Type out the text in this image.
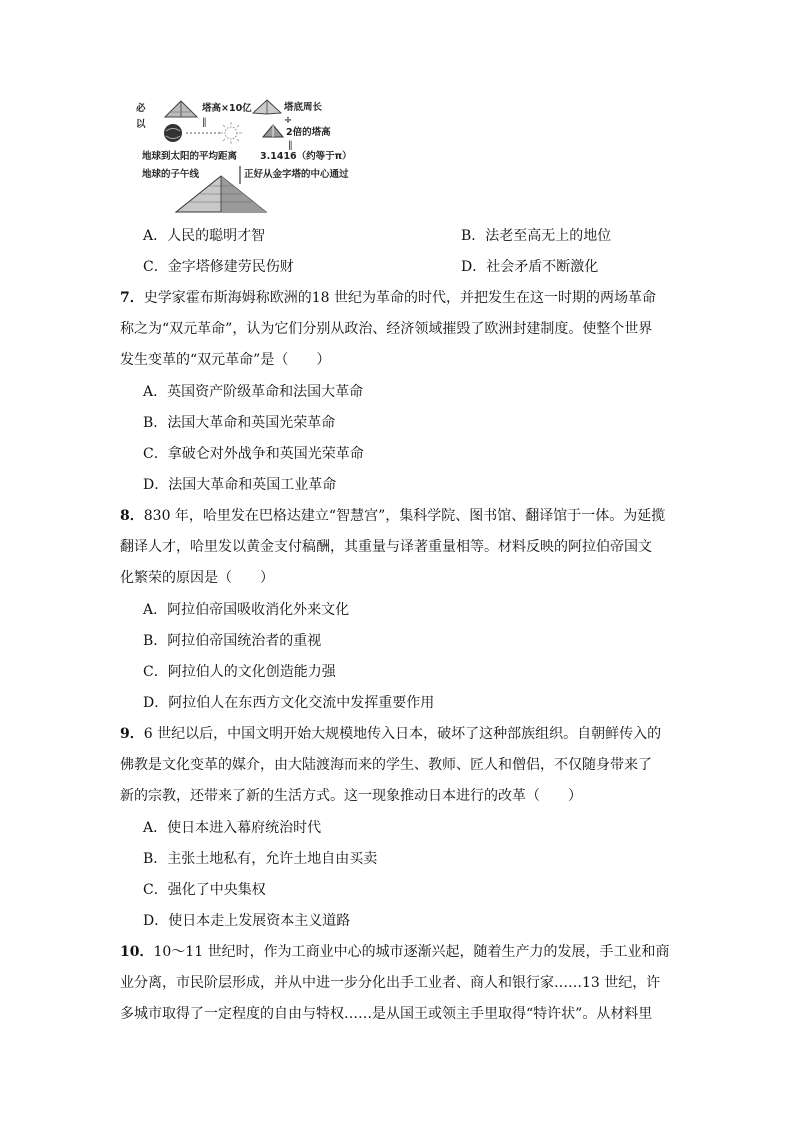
必
以
塔高×10亿	塔底周长
∥	÷
2倍的塔高
∥
地球到太阳的平均距离 3.1416（约等于π）
地球的子午线	正好从金字塔的中心通过
A．人民的聪明才智	B．法老至高无上的地位
C．金字塔修建劳民伤财	D．社会矛盾不断激化
7．史学家霍布斯海姆称欧洲的18 世纪为革命的时代，并把发生在这一时期的两场革命
称之为“双元革命”，认为它们分别从政治、经济领域摧毁了欧洲封建制度。使整个世界
发生变革的“双元革命”是（　　）
A．英国资产阶级革命和法国大革命
B．法国大革命和英国光荣革命
C．拿破仑对外战争和英国光荣革命
D．法国大革命和英国工业革命
8．830 年，哈里发在巴格达建立“智慧宫”，集科学院、图书馆、翻译馆于一体。为延揽
翻译人才，哈里发以黄金支付稿酬，其重量与译著重量相等。材料反映的阿拉伯帝国文
化繁荣的原因是（　　）
A．阿拉伯帝国吸收消化外来文化
B．阿拉伯帝国统治者的重视
C．阿拉伯人的文化创造能力强
D．阿拉伯人在东西方文化交流中发挥重要作用
9．6 世纪以后，中国文明开始大规模地传入日本，破坏了这种部族组织。自朝鲜传入的
佛教是文化变革的媒介，由大陆渡海而来的学生、教师、匠人和僧侣，不仅随身带来了
新的宗教，还带来了新的生活方式。这一现象推动日本进行的改革（　　）
A．使日本进入幕府统治时代
B．主张土地私有，允许土地自由买卖
C．强化了中央集权
D．使日本走上发展资本主义道路
10．10～11 世纪时，作为工商业中心的城市逐渐兴起，随着生产力的发展，手工业和商
业分离，市民阶层形成，并从中进一步分化出手工业者、商人和银行家……13 世纪，许
多城市取得了一定程度的自由与特权……是从国王或领主手里取得“特许状”。从材料里
